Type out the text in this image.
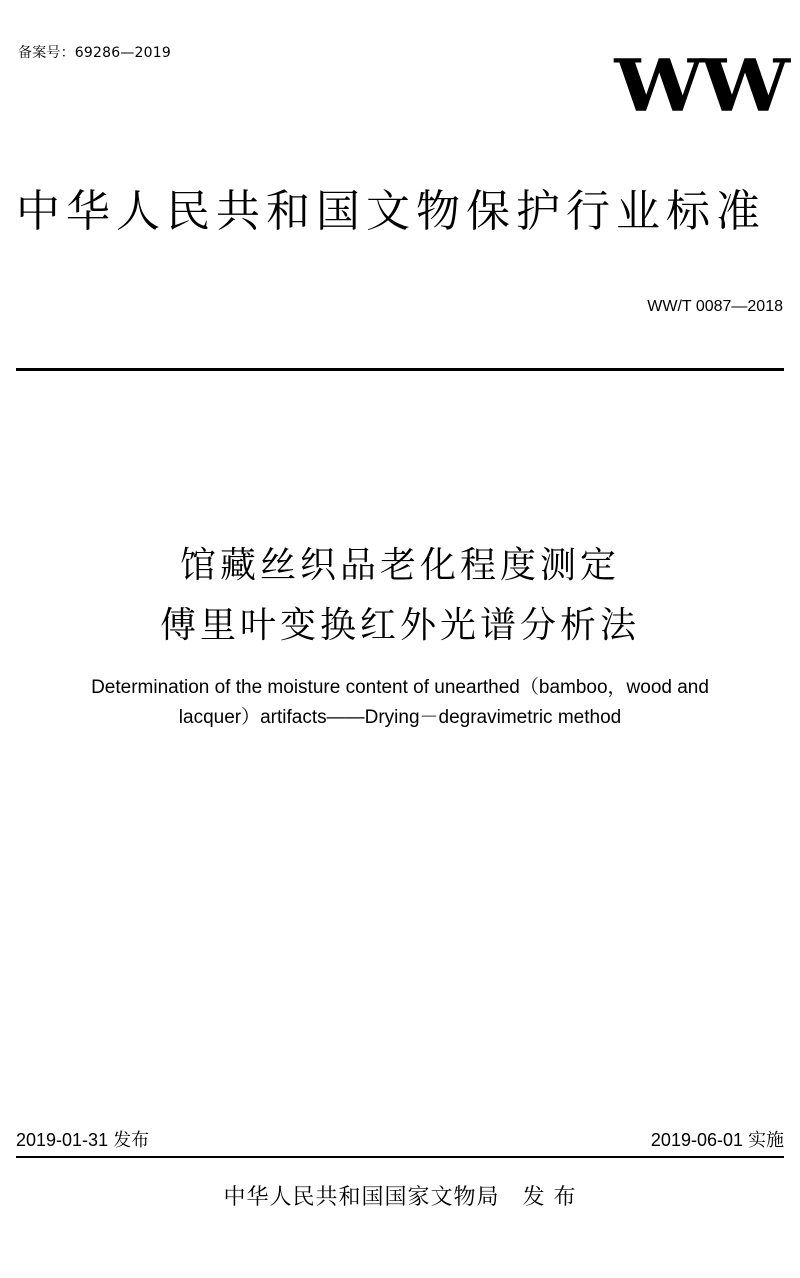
备案号：69286—2019	WW
中华人民共和国文物保护行业标准
WW/T 0087—2018
馆藏丝织品老化程度测定
傅里叶变换红外光谱分析法
Determination of the moisture content of unearthed（bamboo，wood and
lacquer）artifacts——Drying－degravimetric method
2019-01-31 发布	2019-06-01 实施
中华人民共和国国家文物局　发 布
